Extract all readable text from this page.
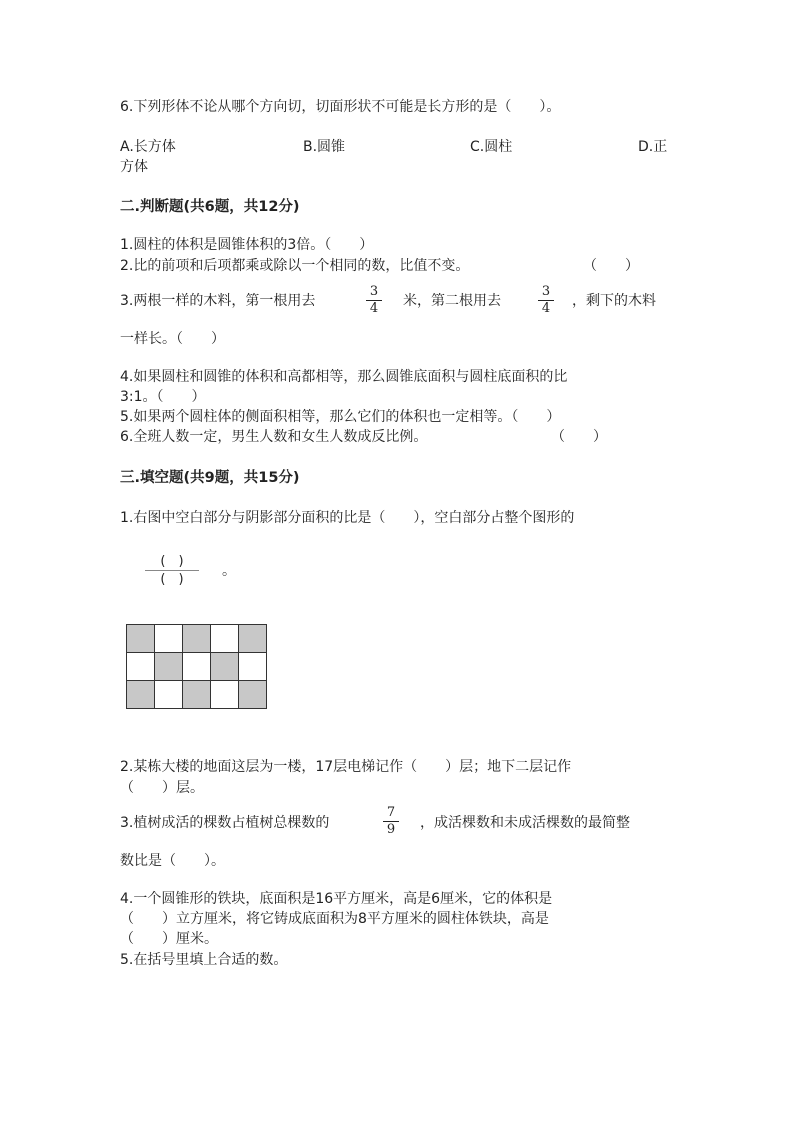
6.下列形体不论从哪个方向切，切面形状不可能是长方形的是（　　）。
A.长方体	B.圆锥	C.圆柱	D.正
方体
二.判断题(共6题，共12分)
1.圆柱的体积是圆锥体积的3倍。（　　）
2.比的前项和后项都乘或除以一个相同的数，比值不变。	（　　）
3.两根一样的木料，第一根用去
3
4 米，第二根用去
3
4 ，剩下的木料
一样长。（　　）
4.如果圆柱和圆锥的体积和高都相等，那么圆锥底面积与圆柱底面积的比
3:1。（　　）
5.如果两个圆柱体的侧面积相等，那么它们的体积也一定相等。（　　）
6.全班人数一定，男生人数和女生人数成反比例。	（　　）
三.填空题(共9题，共15分)
1.右图中空白部分与阴影部分面积的比是（　　），空白部分占整个图形的
(　)
(　)
。

2.某栋大楼的地面这层为一楼，17层电梯记作（　　）层；地下二层记作
（　　）层。
3.植树成活的棵数占植树总棵数的
7
9 ，成活棵数和未成活棵数的最简整
数比是（　　）。
4.一个圆锥形的铁块，底面积是16平方厘米，高是6厘米，它的体积是
（　　）立方厘米，将它铸成底面积为8平方厘米的圆柱体铁块，高是
（　　）厘米。
5.在括号里填上合适的数。
